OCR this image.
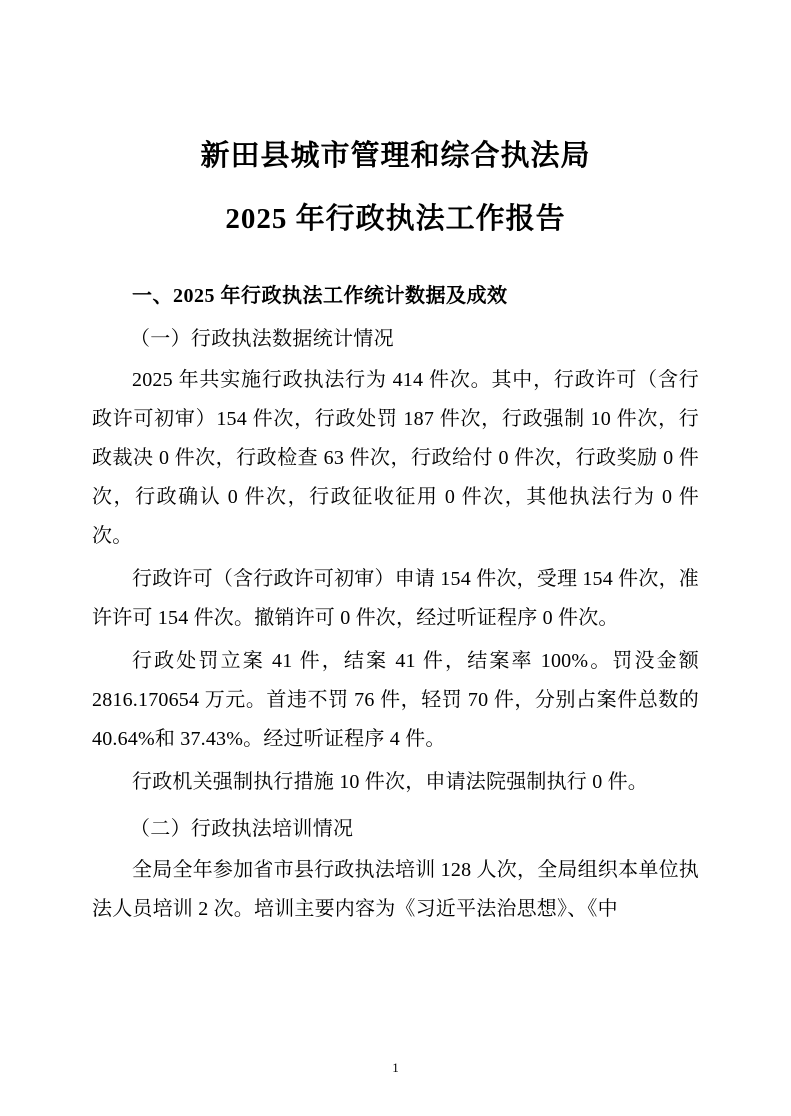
新田县城市管理和综合执法局
2025 年行政执法工作报告
一、2025 年行政执法工作统计数据及成效
（一）行政执法数据统计情况

2025 年共实施行政执法行为 414 件次。其中，行政许可（含行政许可初审）154 件次，行政处罚 187 件次，行政强制 10 件次，行政裁决 0 件次，行政检查 63 件次，行政给付 0 件次，行政奖励 0 件次，行政确认 0 件次，行政征收征用 0 件次，其他执法行为 0 件次。

行政许可（含行政许可初审）申请 154 件次，受理 154 件次，准许许可 154 件次。撤销许可 0 件次，经过听证程序 0 件次。

行政处罚立案 41 件，结案 41 件，结案率 100%。罚没金额 2816.170654 万元。首违不罚 76 件，轻罚 70 件，分别占案件总数的 40.64%和 37.43%。经过听证程序 4 件。

行政机关强制执行措施 10 件次，申请法院强制执行 0 件。

（二）行政执法培训情况

全局全年参加省市县行政执法培训 128 人次，全局组织本单位执法人员培训 2 次。培训主要内容为《习近平法治思想》、《中

1
